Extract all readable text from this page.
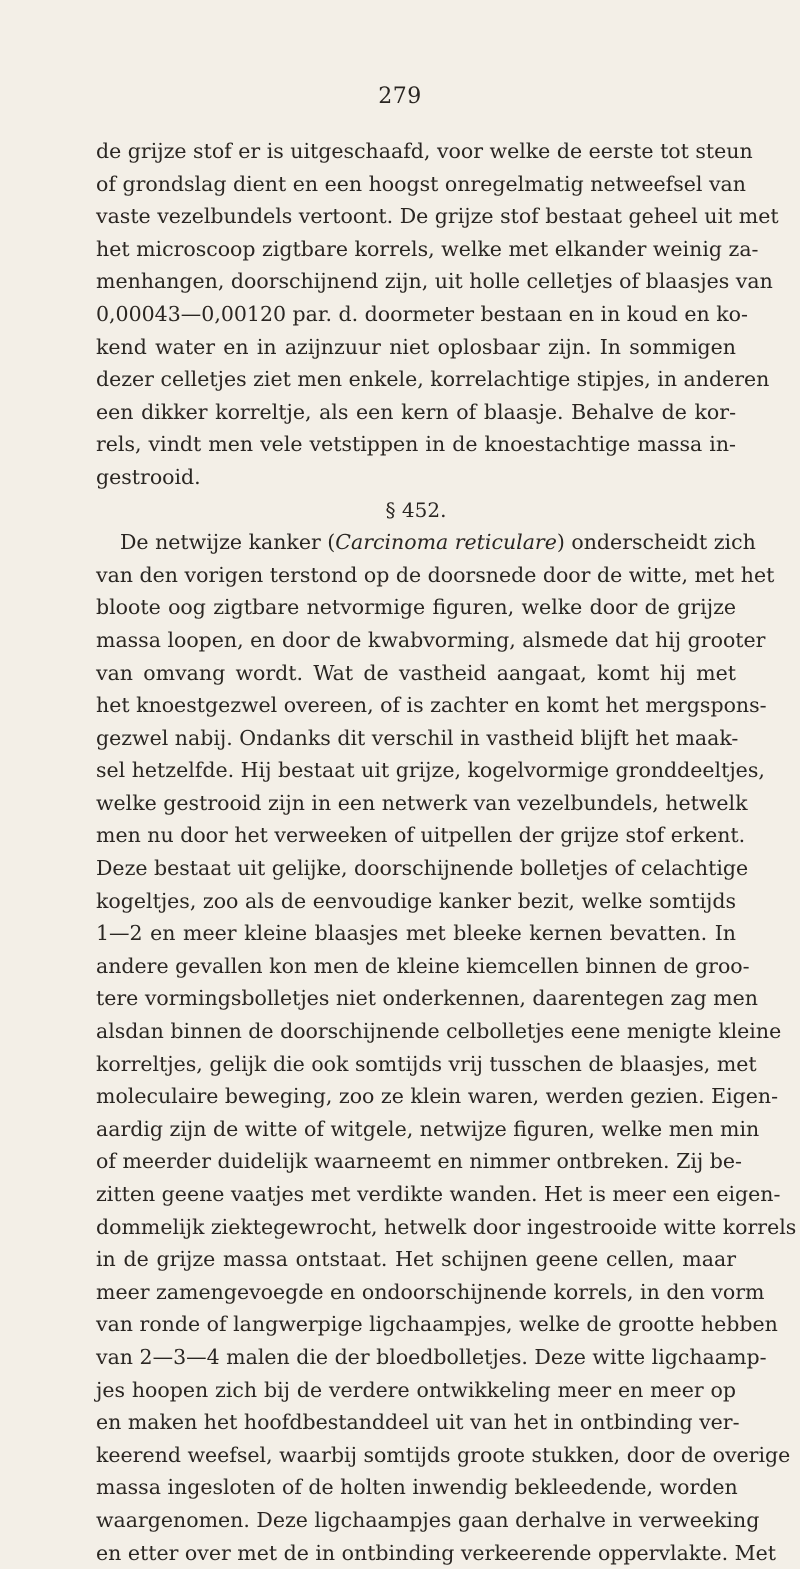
279
de grijze stof er is uitgeschaafd, voor welke de eerste tot steun
of grondslag dient en een hoogst onregelmatig netweefsel van
vaste vezelbundels vertoont. De grijze stof bestaat geheel uit met
het microscoop zigtbare korrels, welke met elkander weinig za-
menhangen, doorschijnend zijn, uit holle celletjes of blaasjes van
0,00043—0,00120 par. d. doormeter bestaan en in koud en ko-
kend water en in azijnzuur niet oplosbaar zijn. In sommigen
dezer celletjes ziet men enkele, korrelachtige stipjes, in anderen
een dikker korreltje, als een kern of blaasje. Behalve de kor-
rels, vindt men vele vetstippen in de knoestachtige massa in-
gestrooid.
§ 452.
De netwijze kanker (Carcinoma reticulare) onderscheidt zich
van den vorigen terstond op de doorsnede door de witte, met het
bloote oog zigtbare netvormige figuren, welke door de grijze
massa loopen, en door de kwabvorming, alsmede dat hij grooter
van omvang wordt. Wat de vastheid aangaat, komt hij met
het knoestgezwel overeen, of is zachter en komt het mergspons-
gezwel nabij. Ondanks dit verschil in vastheid blijft het maak-
sel hetzelfde. Hij bestaat uit grijze, kogelvormige gronddeeltjes,
welke gestrooid zijn in een netwerk van vezelbundels, hetwelk
men nu door het verweeken of uitpellen der grijze stof erkent.
Deze bestaat uit gelijke, doorschijnende bolletjes of celachtige
kogeltjes, zoo als de eenvoudige kanker bezit, welke somtijds
1—2 en meer kleine blaasjes met bleeke kernen bevatten. In
andere gevallen kon men de kleine kiemcellen binnen de groo-
tere vormingsbolletjes niet onderkennen, daarentegen zag men
alsdan binnen de doorschijnende celbolletjes eene menigte kleine
korreltjes, gelijk die ook somtijds vrij tusschen de blaasjes, met
moleculaire beweging, zoo ze klein waren, werden gezien. Eigen-
aardig zijn de witte of witgele, netwijze figuren, welke men min
of meerder duidelijk waarneemt en nimmer ontbreken. Zij be-
zitten geene vaatjes met verdikte wanden. Het is meer een eigen-
dommelijk ziektegewrocht, hetwelk door ingestrooide witte korrels
in de grijze massa ontstaat. Het schijnen geene cellen, maar
meer zamengevoegde en ondoorschijnende korrels, in den vorm
van ronde of langwerpige ligchaampjes, welke de grootte hebben
van 2—3—4 malen die der bloedbolletjes. Deze witte ligchaamp-
jes hoopen zich bij de verdere ontwikkeling meer en meer op
en maken het hoofdbestanddeel uit van het in ontbinding ver-
keerend weefsel, waarbij somtijds groote stukken, door de overige
massa ingesloten of de holten inwendig bekleedende, worden
waargenomen. Deze ligchaampjes gaan derhalve in verweeking
en etter over met de in ontbinding verkeerende oppervlakte. Met
